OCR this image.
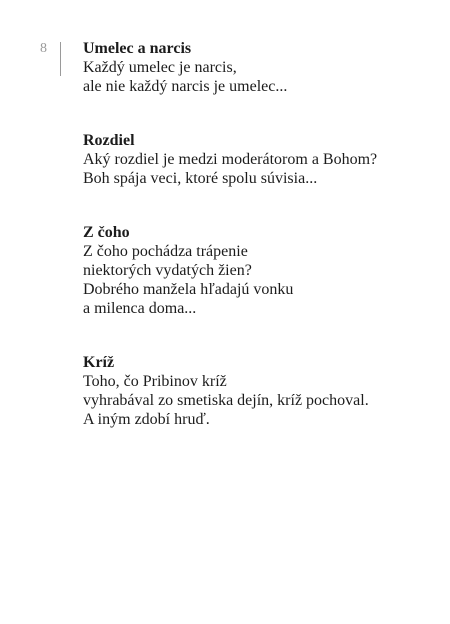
8 Umelec a narcis

Každý umelec je narcis,

ale nie každý narcis je umelec...

Rozdiel

Aký rozdiel je medzi moderátorom a Bohom?

Boh spája veci, ktoré spolu súvisia...

Z čoho

Z čoho pochádza trápenie

niektorých vydatých žien?

Dobrého manžela hľadajú vonku

a milenca doma...

Kríž

Toho, čo Pribinov kríž

vyhrabával zo smetiska dejín, kríž pochoval.

A iným zdobí hruď.
